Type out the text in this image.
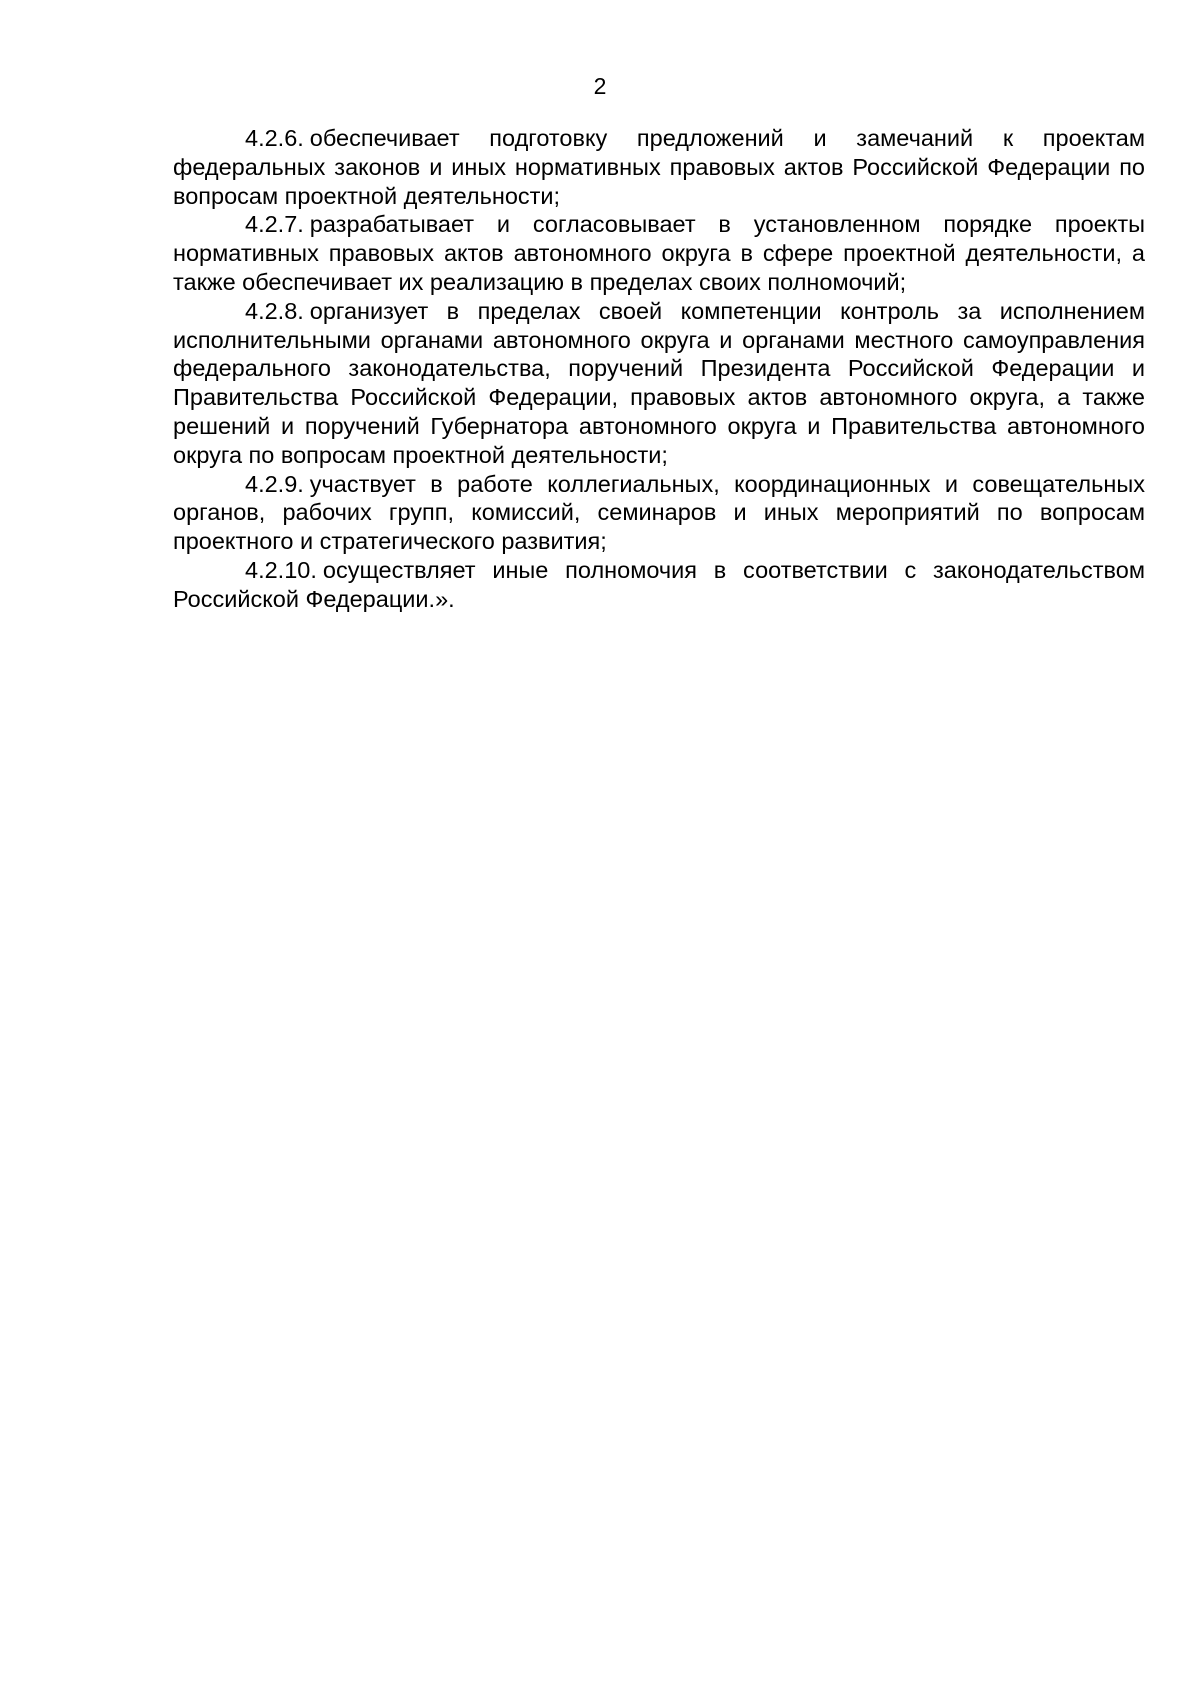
2

4.2.6. обеспечивает подготовку предложений и замечаний к проектам федеральных законов и иных нормативных правовых актов Российской Федерации по вопросам проектной деятельности;

4.2.7. разрабатывает и согласовывает в установленном порядке проекты нормативных правовых актов автономного округа в сфере проектной деятельности, а также обеспечивает их реализацию в пределах своих полномочий;

4.2.8. организует в пределах своей компетенции контроль за исполнением исполнительными органами автономного округа и органами местного самоуправления федерального законодательства, поручений Президента Российской Федерации и Правительства Российской Федерации, правовых актов автономного округа, а также решений и поручений Губернатора автономного округа и Правительства автономного округа по вопросам проектной деятельности;

4.2.9. участвует в работе коллегиальных, координационных и совещательных органов, рабочих групп, комиссий, семинаров и иных мероприятий по вопросам проектного и стратегического развития;

4.2.10. осуществляет иные полномочия в соответствии с законодательством Российской Федерации.».
